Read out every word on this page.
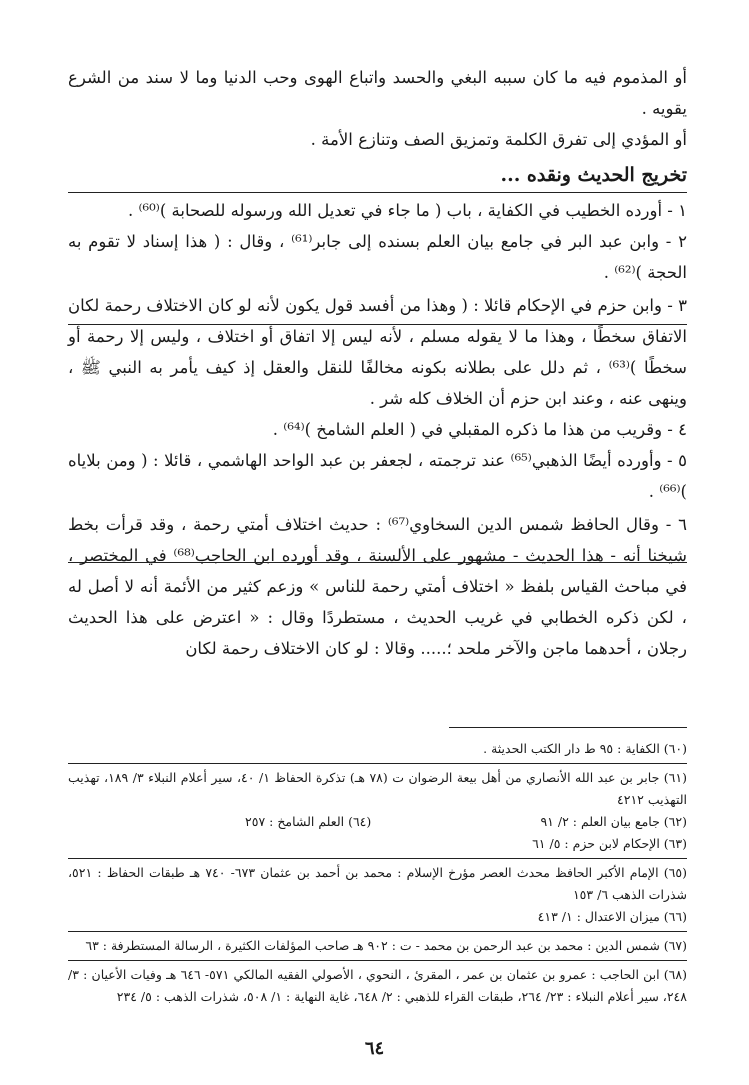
أو المذموم فيه ما كان سببه البغي والحسد واتباع الهوى وحب الدنيا وما لا سند من الشرع يقويه .

أو المؤدي إلى تفرق الكلمة وتمزيق الصف وتنازع الأمة .

تخريج الحديث ونقده ...

١ - أورده الخطيب في الكفاية ، باب ( ما جاء في تعديل الله ورسوله للصحابة )⁽⁶⁰⁾ .

٢ - وابن عبد البر في جامع بيان العلم بسنده إلى جابر⁽⁶¹⁾ ، وقال : ( هذا إسناد لا تقوم به الحجة )⁽⁶²⁾ .

٣ - وابن حزم في الإحكام قائلا : ( وهذا من أفسد قول يكون لأنه لو كان الاختلاف رحمة لكان الاتفاق سخطًا ، وهذا ما لا يقوله مسلم ، لأنه ليس إلا اتفاق أو اختلاف ، وليس إلا رحمة أو سخطًا )⁽⁶³⁾ ، ثم دلل على بطلانه بكونه مخالفًا للنقل والعقل إذ كيف يأمر به النبي ﷺ ، وينهى عنه ، وعند ابن حزم أن الخلاف كله شر .

٤ - وقريب من هذا ما ذكره المقبلي في ( العلم الشامخ )⁽⁶⁴⁾ .

٥ - وأورده أيضًا الذهبي⁽⁶⁵⁾ عند ترجمته ، لجعفر بن عبد الواحد الهاشمي ، قائلا : ( ومن بلاياه )⁽⁶⁶⁾ .

٦ - وقال الحافظ شمس الدين السخاوي⁽⁶⁷⁾ : حديث اختلاف أمتي رحمة ، وقد قرأت بخط شيخنا أنه - هذا الحديث - مشهور على الألسنة ، وقد أورده ابن الحاجب⁽⁶⁸⁾ في المختصر ، في مباحث القياس بلفظ « اختلاف أمتي رحمة للناس » وزعم كثير من الأئمة أنه لا أصل له ، لكن ذكره الخطابي في غريب الحديث ، مستطردًا وقال : « اعترض على هذا الحديث رجلان ، أحدهما ماجن والآخر ملحد ؛..... وقالا : لو كان الاختلاف رحمة لكان

(٦٠) الكفاية : ٩٥ ط دار الكتب الحديثة .

(٦١) جابر بن عبد الله الأنصاري من أهل بيعة الرضوان ت (٧٨ هـ) تذكرة الحفاظ ١/ ٤٠، سير أعلام النبلاء ٣/ ١٨٩، تهذيب التهذيب ٤٢١٢

(٦٢) جامع بيان العلم : ٢/ ٩١

(٦٤) العلم الشامخ : ٢٥٧

(٦٣) الإحكام لابن حزم : ٥/ ٦١

(٦٥) الإمام الأكبر الحافظ محدث العصر مؤرخ الإسلام : محمد بن أحمد بن عثمان ٦٧٣- ٧٤٠ هـ طبقات الحفاظ : ٥٢١، شذرات الذهب ٦/ ١٥٣

(٦٦) ميزان الاعتدال : ١/ ٤١٣

(٦٧) شمس الدين : محمد بن عبد الرحمن بن محمد - ت : ٩٠٢ هـ صاحب المؤلفات الكثيرة ، الرسالة المستطرفة : ٦٣

(٦٨) ابن الحاجب : عمرو بن عثمان بن عمر ، المقرئ ، النحوي ، الأصولي الفقيه المالكي ٥٧١- ٦٤٦ هـ وفيات الأعيان : ٣/ ٢٤٨، سير أعلام النبلاء : ٢٣/ ٢٦٤، طبقات القراء للذهبي : ٢/ ٦٤٨، غاية النهاية : ١/ ٥٠٨، شذرات الذهب : ٥/ ٢٣٤

٦٤
